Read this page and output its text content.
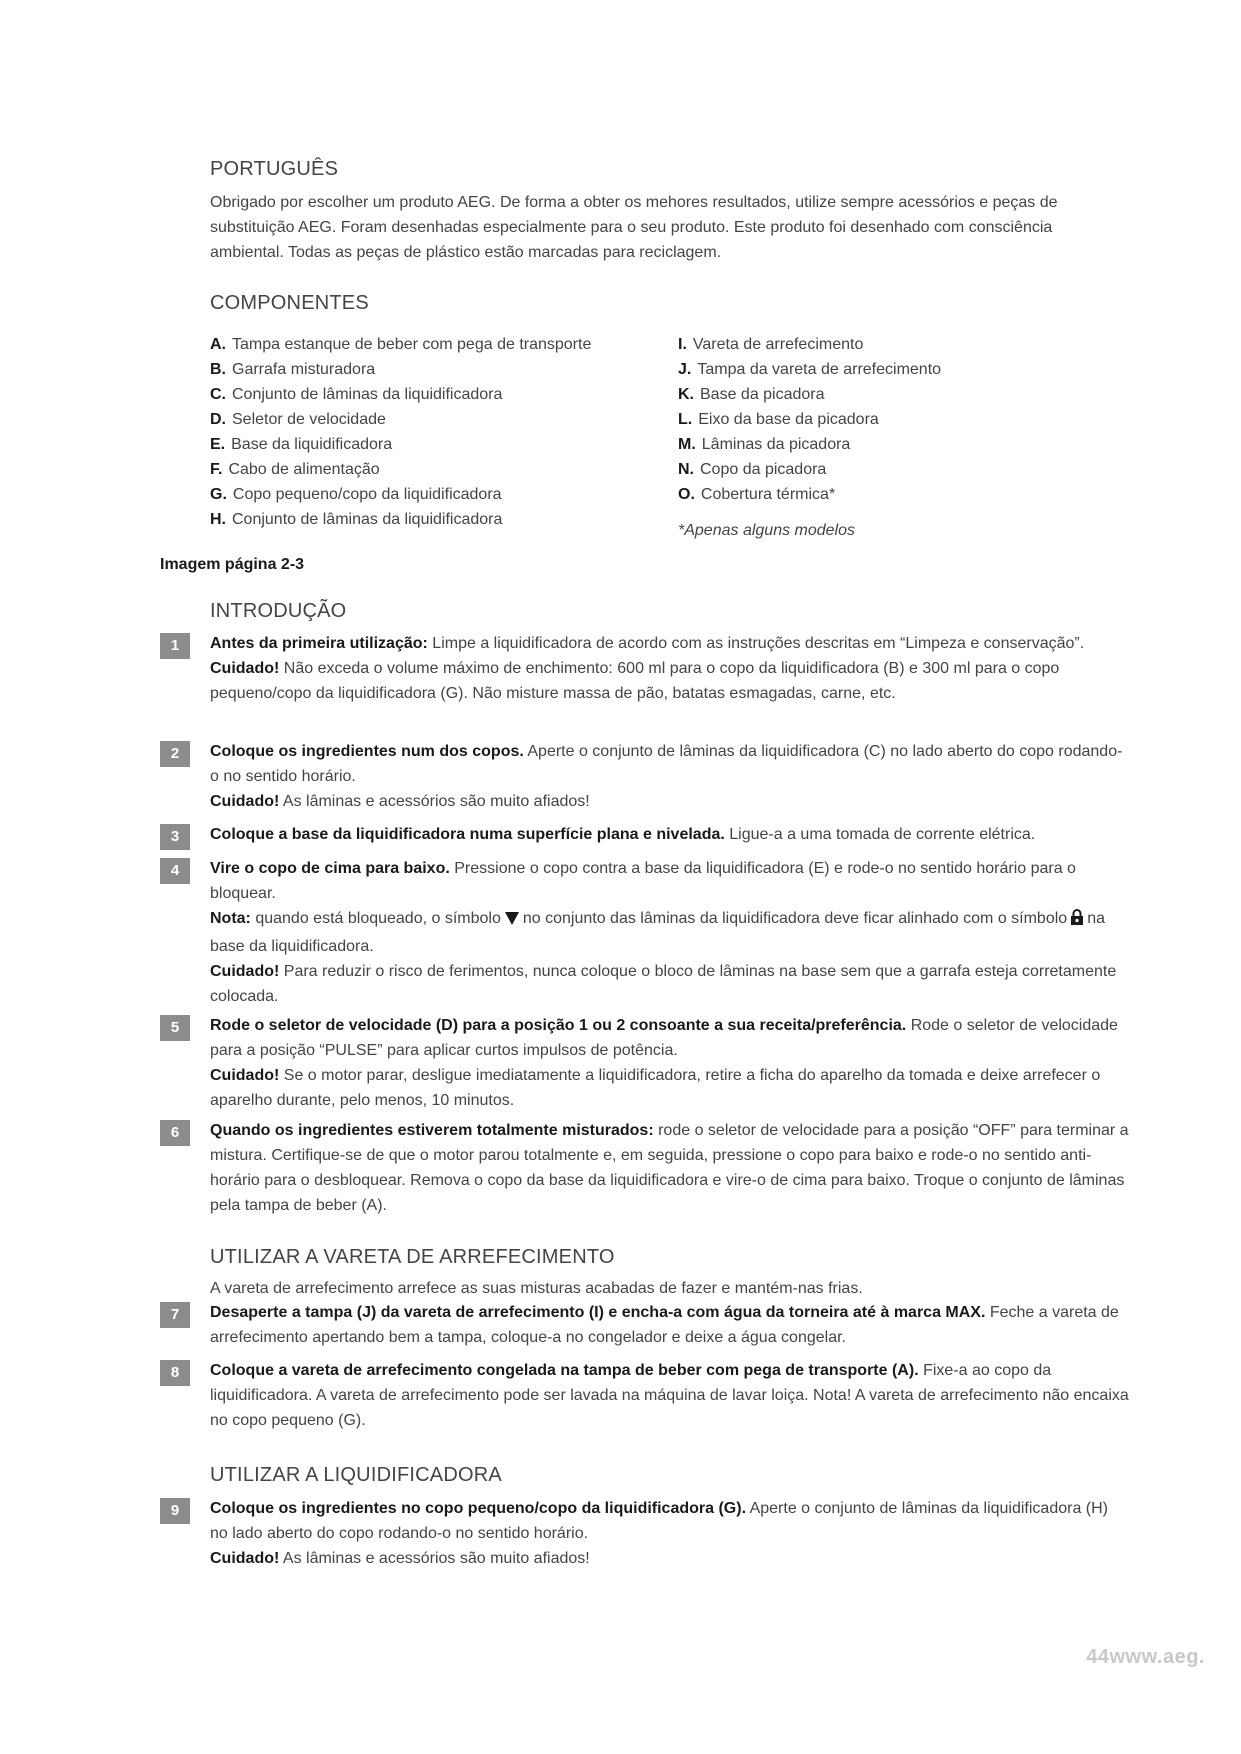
PORTUGUÊS

Obrigado por escolher um produto AEG. De forma a obter os mehores resultados, utilize sempre acessórios e peças de substituição AEG. Foram desenhadas especialmente para o seu produto. Este produto foi desenhado com consciência ambiental. Todas as peças de plástico estão marcadas para reciclagem.

COMPONENTES
A. Tampa estanque de beber com pega de transporte
B. Garrafa misturadora
C. Conjunto de lâminas da liquidificadora
D. Seletor de velocidade
E. Base da liquidificadora
F. Cabo de alimentação
G. Copo pequeno/copo da liquidificadora
H. Conjunto de lâminas da liquidificadora
I. Vareta de arrefecimento
J. Tampa da vareta de arrefecimento
K. Base da picadora
L. Eixo da base da picadora
M. Lâminas da picadora
N. Copo da picadora
O. Cobertura térmica*
*Apenas alguns modelos
Imagem página 2-3
INTRODUÇÃO
1	Antes da primeira utilização: Limpe a liquidificadora de acordo com as instruções descritas em “Limpeza e conservação”.
Cuidado! Não exceda o volume máximo de enchimento: 600 ml para o copo da liquidificadora (B) e 300 ml para o copo pequeno/copo da liquidificadora (G). Não misture massa de pão, batatas esmagadas, carne, etc.
2	Coloque os ingredientes num dos copos. Aperte o conjunto de lâminas da liquidificadora (C) no lado aberto do copo rodando-o no sentido horário.
Cuidado! As lâminas e acessórios são muito afiados!
3	Coloque a base da liquidificadora numa superfície plana e nivelada. Ligue-a a uma tomada de corrente elétrica.
4	Vire o copo de cima para baixo. Pressione o copo contra a base da liquidificadora (E) e rode-o no sentido horário para o bloquear.
Nota: quando está bloqueado, o símbolo no conjunto das lâminas da liquidificadora deve ficar alinhado com o símbolo na base da liquidificadora.
Cuidado! Para reduzir o risco de ferimentos, nunca coloque o bloco de lâminas na base sem que a garrafa esteja corretamente colocada.
5	Rode o seletor de velocidade (D) para a posição 1 ou 2 consoante a sua receita/preferência. Rode o seletor de velocidade para a posição “PULSE” para aplicar curtos impulsos de potência.
Cuidado! Se o motor parar, desligue imediatamente a liquidificadora, retire a ficha do aparelho da tomada e deixe arrefecer o aparelho durante, pelo menos, 10 minutos.
6	Quando os ingredientes estiverem totalmente misturados: rode o seletor de velocidade para a posição “OFF” para terminar a mistura. Certifique-se de que o motor parou totalmente e, em seguida, pressione o copo para baixo e rode-o no sentido anti-horário para o desbloquear. Remova o copo da base da liquidificadora e vire-o de cima para baixo. Troque o conjunto de lâminas pela tampa de beber (A).
UTILIZAR A VARETA DE ARREFECIMENTO

A vareta de arrefecimento arrefece as suas misturas acabadas de fazer e mantém-nas frias.

7	Desaperte a tampa (J) da vareta de arrefecimento (I) e encha-a com água da torneira até à marca MAX. Feche a vareta de arrefecimento apertando bem a tampa, coloque-a no congelador e deixe a água congelar.
8	Coloque a vareta de arrefecimento congelada na tampa de beber com pega de transporte (A). Fixe-a ao copo da liquidificadora. A vareta de arrefecimento pode ser lavada na máquina de lavar loiça. Nota! A vareta de arrefecimento não encaixa no copo pequeno (G).
UTILIZAR A LIQUIDIFICADORA
9	Coloque os ingredientes no copo pequeno/copo da liquidificadora (G). Aperte o conjunto de lâminas da liquidificadora (H) no lado aberto do copo rodando-o no sentido horário.
Cuidado! As lâminas e acessórios são muito afiados!
44www.aeg.
